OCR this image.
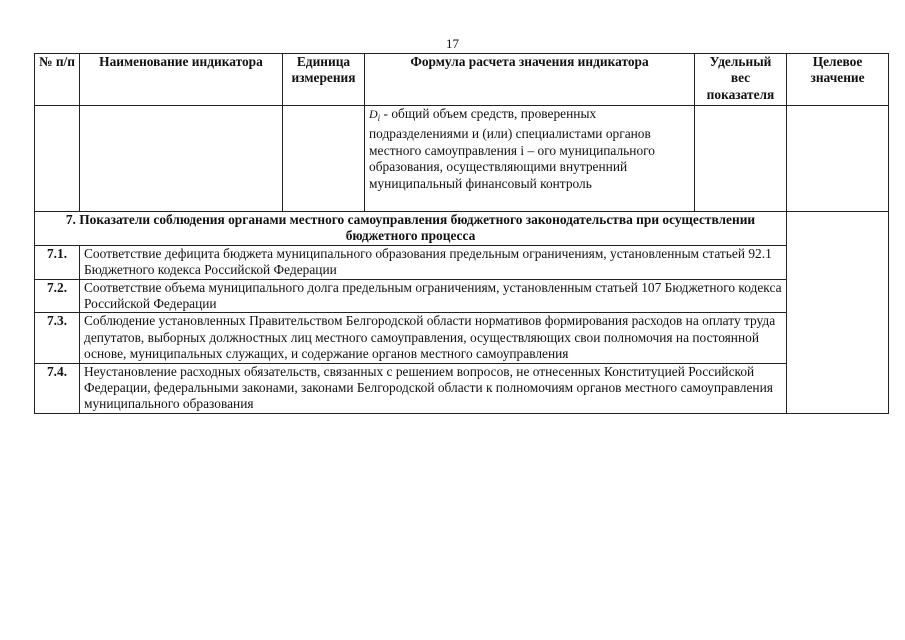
17
№ п/п	Наименование индикатора	Единица измерения	Формула расчета значения индикатора	Удельный вес показателя	Целевое значение
			$D_i$ - общий объем средств, проверенных
подразделениями и (или) специалистами органов местного самоуправления i – ого муниципального образования, осуществляющими внутренний муниципальный финансовый контроль		
7. Показатели соблюдения органами местного самоуправления бюджетного законодательства при осуществлении бюджетного процесса					
7.1.	Соответствие дефицита бюджета муниципального образования предельным ограничениям, установленным статьей 92.1 Бюджетного кодекса Российской Федерации				
7.2.	Соответствие объема муниципального долга предельным ограничениям, установленным статьей 107 Бюджетного кодекса Российской Федерации				
7.3.	Соблюдение установленных Правительством Белгородской области нормативов формирования расходов на оплату труда депутатов, выборных должностных лиц местного самоуправления, осуществляющих свои полномочия на постоянной основе, муниципальных служащих, и содержание органов местного самоуправления				
7.4.	Неустановление расходных обязательств, связанных с решением вопросов, не отнесенных Конституцией Российской Федерации, федеральными законами, законами Белгородской области к полномочиям органов местного самоуправления муниципального образования				
